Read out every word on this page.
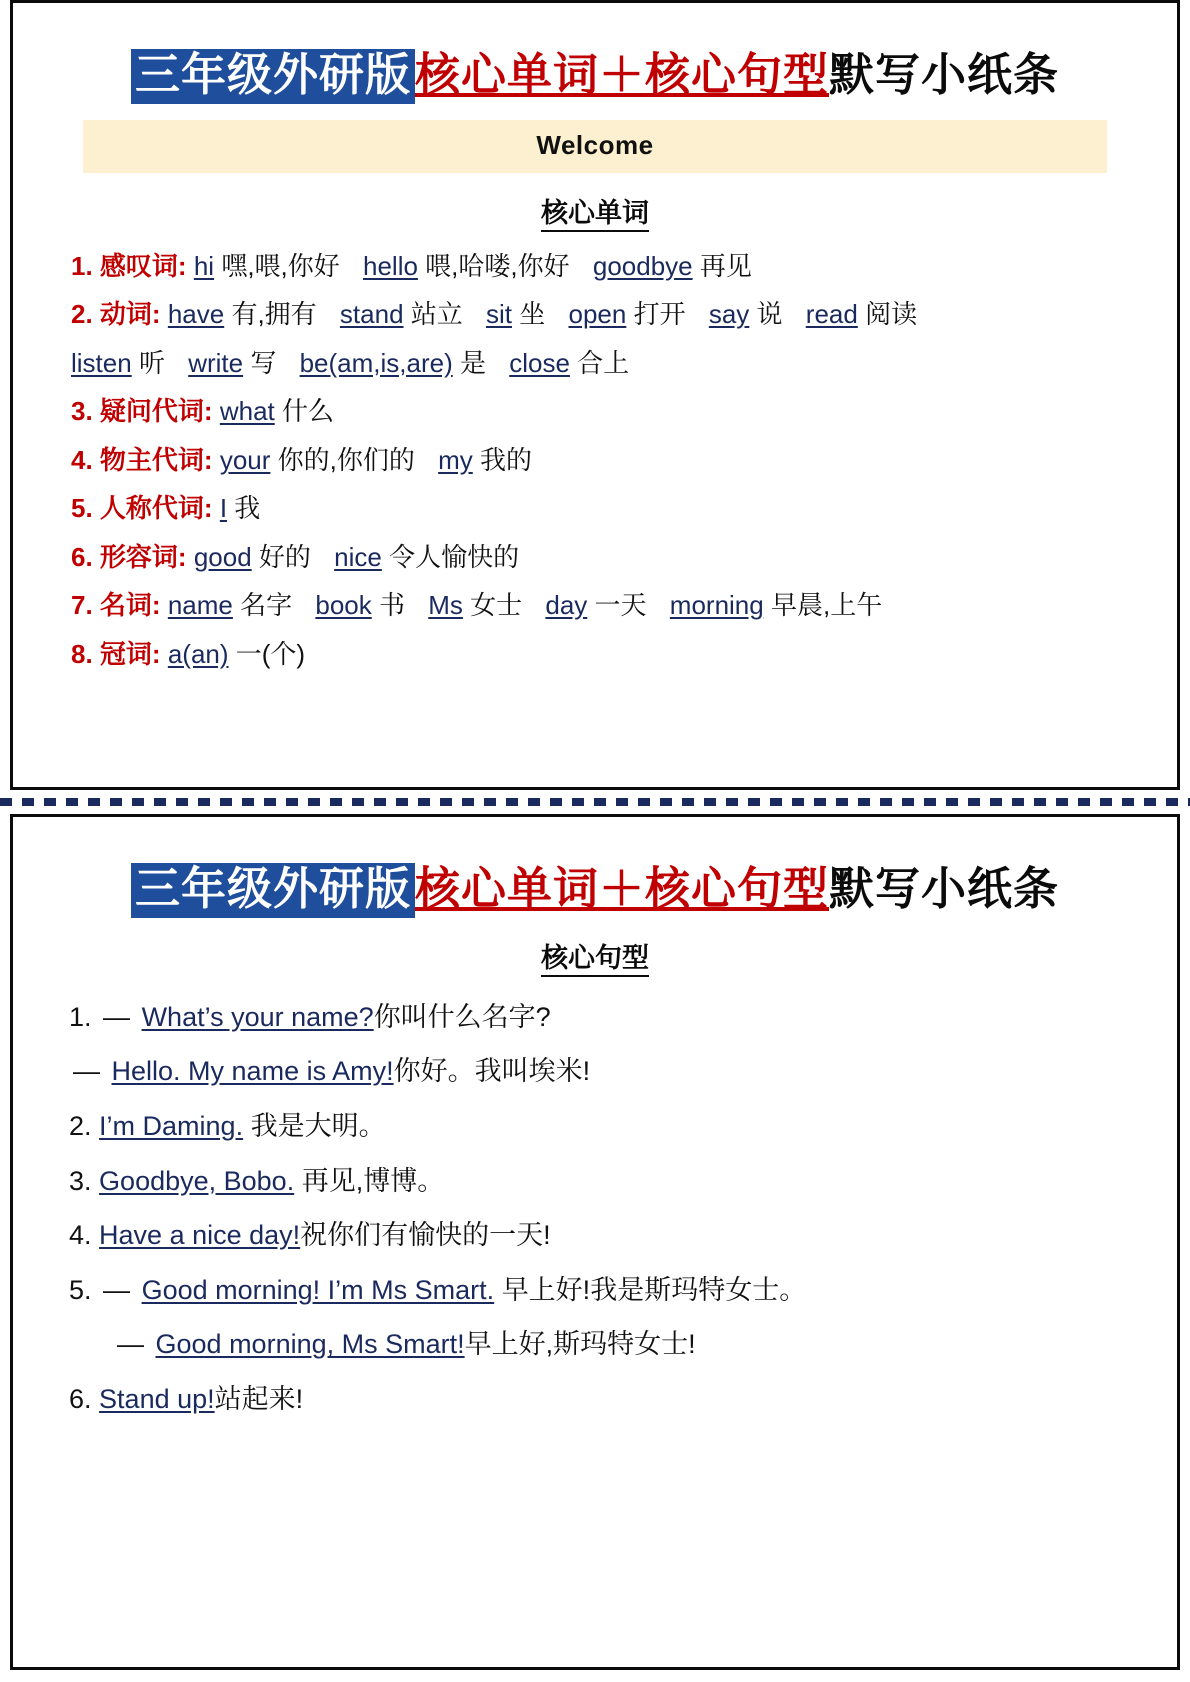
三年级外研版 核心单词＋核心句型 默写小纸条
Welcome
核心单词
1. 感叹词: hi 嘿,喂,你好 hello 喂,哈喽,你好 goodbye 再见
2. 动词: have 有,拥有 stand 站立 sit 坐 open 打开 say 说 read 阅读
listen 听 write 写 be(am,is,are) 是 close 合上
3. 疑问代词: what 什么
4. 物主代词: your 你的,你们的 my 我的
5. 人称代词: I 我
6. 形容词: good 好的 nice 令人愉快的
7. 名词: name 名字 book 书 Ms 女士 day 一天 morning 早晨,上午
8. 冠词: a(an) 一(个)
三年级外研版 核心单词＋核心句型 默写小纸条
核心句型
1. — What’s your name?你叫什么名字?
— Hello. My name is Amy!你好。我叫埃米!
2. I’m Daming. 我是大明。
3. Goodbye, Bobo. 再见,博博。
4. Have a nice day!祝你们有愉快的一天!
5. — Good morning! I’m Ms Smart. 早上好!我是斯玛特女士。
— Good morning, Ms Smart!早上好,斯玛特女士!
6. Stand up!站起来!
